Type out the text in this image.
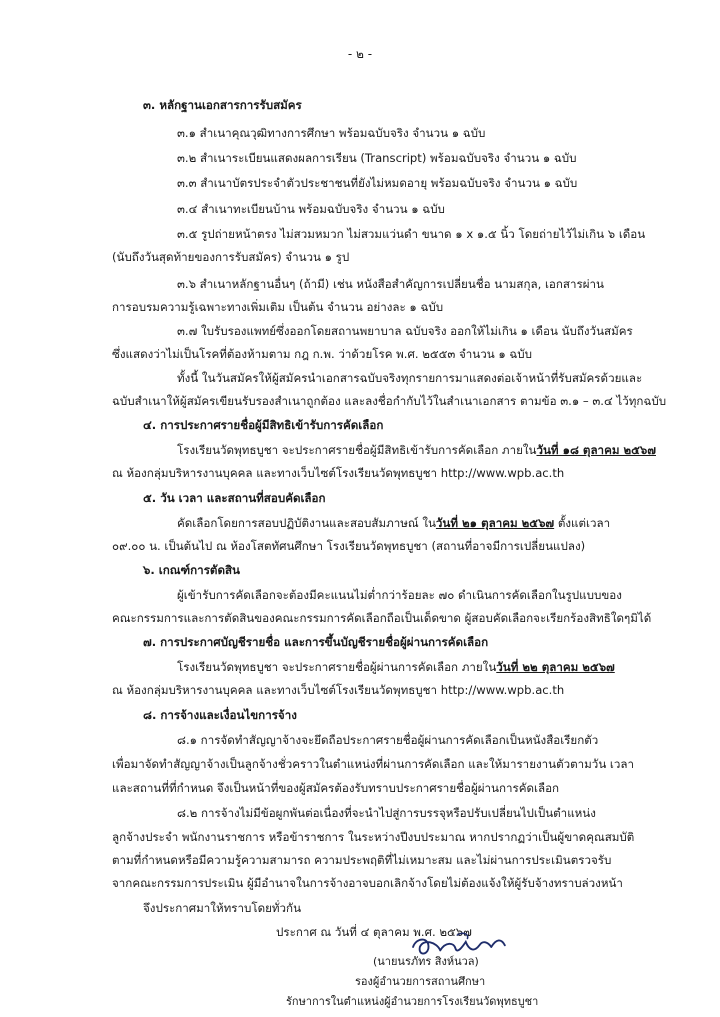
- ๒ -
๓. หลักฐานเอกสารการรับสมัคร
๓.๑ สำเนาคุณวุฒิทางการศึกษา พร้อมฉบับจริง จำนวน ๑ ฉบับ
๓.๒ สำเนาระเบียนแสดงผลการเรียน (Transcript) พร้อมฉบับจริง จำนวน ๑ ฉบับ
๓.๓ สำเนาบัตรประจำตัวประชาชนที่ยังไม่หมดอายุ พร้อมฉบับจริง จำนวน ๑ ฉบับ
๓.๔ สำเนาทะเบียนบ้าน พร้อมฉบับจริง จำนวน ๑ ฉบับ
๓.๕ รูปถ่ายหน้าตรง ไม่สวมหมวก ไม่สวมแว่นดำ ขนาด ๑ x ๑.๕ นิ้ว โดยถ่ายไว้ไม่เกิน ๖ เดือน
(นับถึงวันสุดท้ายของการรับสมัคร) จำนวน ๑ รูป
๓.๖ สำเนาหลักฐานอื่นๆ (ถ้ามี) เช่น หนังสือสำคัญการเปลี่ยนชื่อ นามสกุล, เอกสารผ่าน
การอบรมความรู้เฉพาะทางเพิ่มเติม เป็นต้น จำนวน อย่างละ ๑ ฉบับ
๓.๗ ใบรับรองแพทย์ซึ่งออกโดยสถานพยาบาล ฉบับจริง ออกให้ไม่เกิน ๑ เดือน นับถึงวันสมัคร
ซึ่งแสดงว่าไม่เป็นโรคที่ต้องห้ามตาม กฎ ก.พ. ว่าด้วยโรค พ.ศ. ๒๕๕๓ จำนวน ๑ ฉบับ
ทั้งนี้ ในวันสมัครให้ผู้สมัครนำเอกสารฉบับจริงทุกรายการมาแสดงต่อเจ้าหน้าที่รับสมัครด้วยและ
ฉบับสำเนาให้ผู้สมัครเขียนรับรองสำเนาถูกต้อง และลงชื่อกำกับไว้ในสำเนาเอกสาร ตามข้อ ๓.๑ – ๓.๔ ไว้ทุกฉบับ
๔. การประกาศรายชื่อผู้มีสิทธิเข้ารับการคัดเลือก
โรงเรียนวัดพุทธบูชา จะประกาศรายชื่อผู้มีสิทธิเข้ารับการคัดเลือก ภายในวันที่ ๑๘ ตุลาคม ๒๕๖๗
ณ ห้องกลุ่มบริหารงานบุคคล และทางเว็บไซต์โรงเรียนวัดพุทธบูชา http://www.wpb.ac.th
๕. วัน เวลา และสถานที่สอบคัดเลือก
คัดเลือกโดยการสอบปฏิบัติงานและสอบสัมภาษณ์ ในวันที่ ๒๑ ตุลาคม ๒๕๖๗ ตั้งแต่เวลา
๐๙.๐๐ น. เป็นต้นไป ณ ห้องโสตทัศนศึกษา โรงเรียนวัดพุทธบูชา (สถานที่อาจมีการเปลี่ยนแปลง)
๖. เกณฑ์การตัดสิน
ผู้เข้ารับการคัดเลือกจะต้องมีคะแนนไม่ต่ำกว่าร้อยละ ๗๐ ดำเนินการคัดเลือกในรูปแบบของ
คณะกรรมการและการตัดสินของคณะกรรมการคัดเลือกถือเป็นเด็ดขาด ผู้สอบคัดเลือกจะเรียกร้องสิทธิใดๆมิได้
๗. การประกาศบัญชีรายชื่อ และการขึ้นบัญชีรายชื่อผู้ผ่านการคัดเลือก
โรงเรียนวัดพุทธบูชา จะประกาศรายชื่อผู้ผ่านการคัดเลือก ภายในวันที่ ๒๒ ตุลาคม ๒๕๖๗
ณ ห้องกลุ่มบริหารงานบุคคล และทางเว็บไซต์โรงเรียนวัดพุทธบูชา http://www.wpb.ac.th
๘. การจ้างและเงื่อนไขการจ้าง
๘.๑ การจัดทำสัญญาจ้างจะยึดถือประกาศรายชื่อผู้ผ่านการคัดเลือกเป็นหนังสือเรียกตัว
เพื่อมาจัดทำสัญญาจ้างเป็นลูกจ้างชั่วคราวในตำแหน่งที่ผ่านการคัดเลือก และให้มารายงานตัวตามวัน เวลา
และสถานที่ที่กำหนด จึงเป็นหน้าที่ของผู้สมัครต้องรับทราบประกาศรายชื่อผู้ผ่านการคัดเลือก
๘.๒ การจ้างไม่มีข้อผูกพันต่อเนื่องที่จะนำไปสู่การบรรจุหรือปรับเปลี่ยนไปเป็นตำแหน่ง
ลูกจ้างประจำ พนักงานราชการ หรือข้าราชการ ในระหว่างปีงบประมาณ หากปรากฏว่าเป็นผู้ขาดคุณสมบัติ
ตามที่กำหนดหรือมีความรู้ความสามารถ ความประพฤติที่ไม่เหมาะสม และไม่ผ่านการประเมินตรวจรับ
จากคณะกรรมการประเมิน ผู้มีอำนาจในการจ้างอาจบอกเลิกจ้างโดยไม่ต้องแจ้งให้ผู้รับจ้างทราบล่วงหน้า
จึงประกาศมาให้ทราบโดยทั่วกัน
ประกาศ ณ วันที่ ๔ ตุลาคม พ.ศ. ๒๕๖๗
(นายนรภัทร สิงห์นวล)
รองผู้อำนวยการสถานศึกษา
รักษาการในตำแหน่งผู้อำนวยการโรงเรียนวัดพุทธบูชา
